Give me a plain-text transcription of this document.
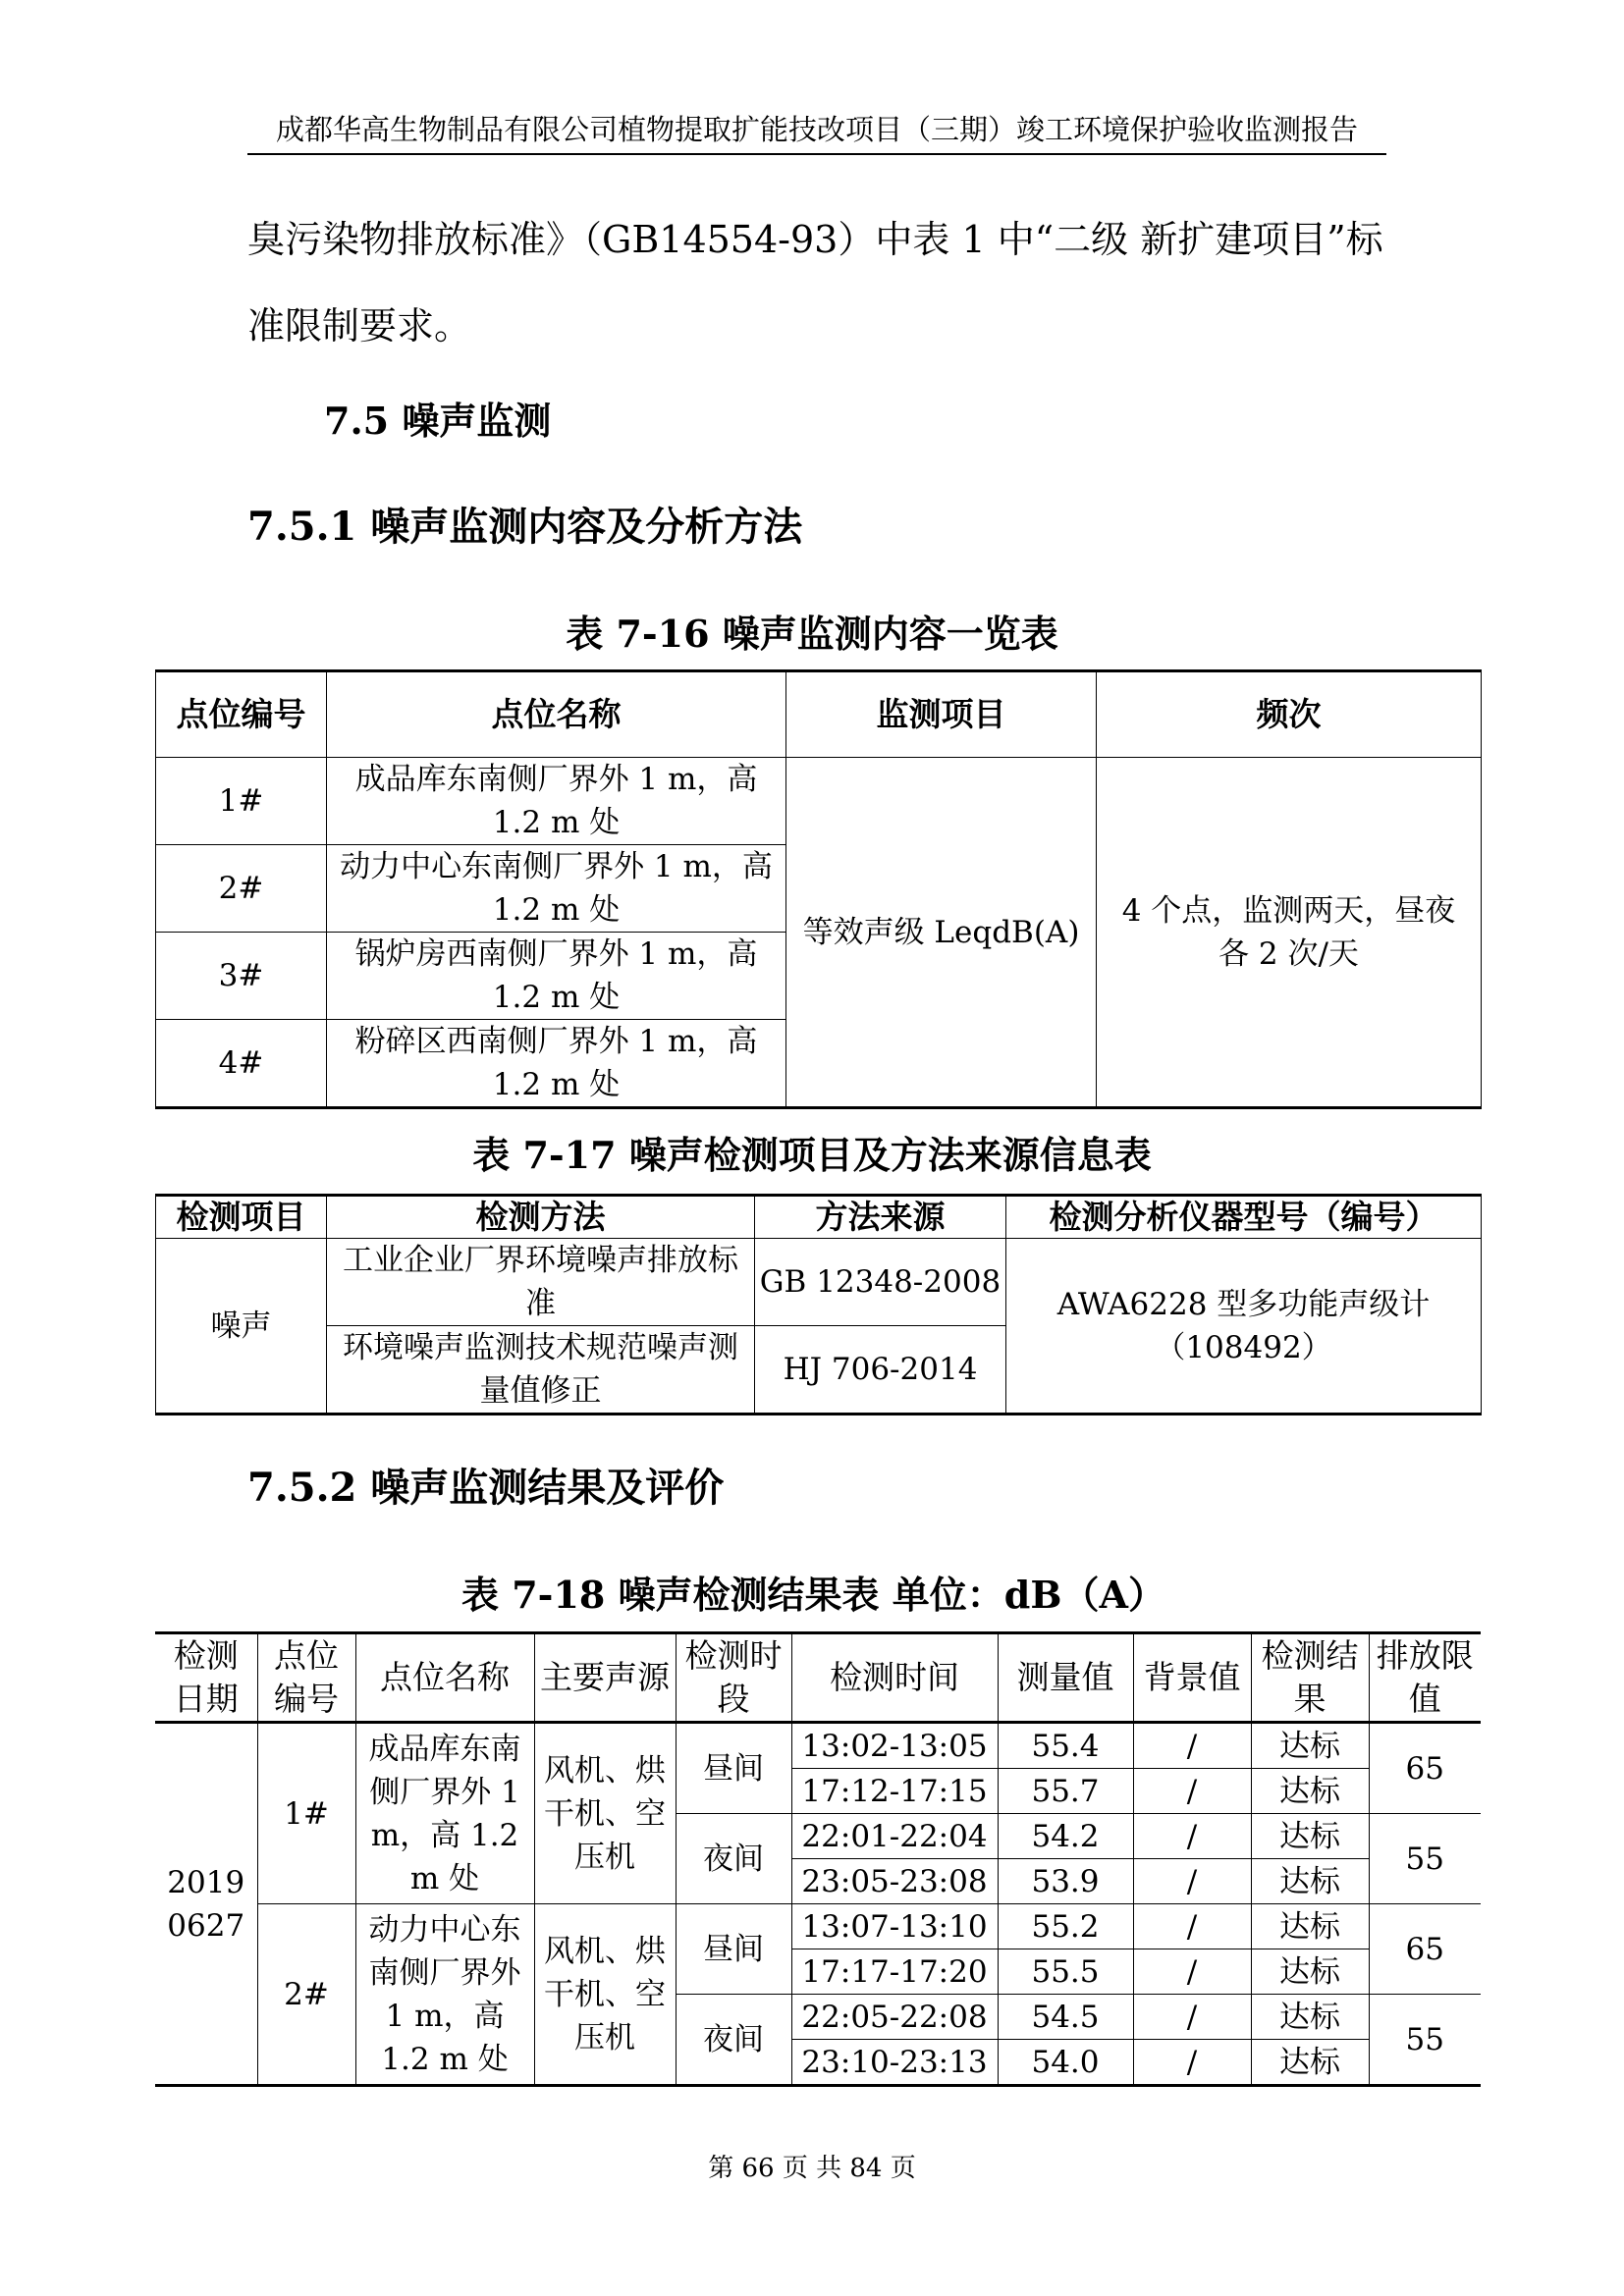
成都华高生物制品有限公司植物提取扩能技改项目（三期）竣工环境保护验收监测报告
臭污染物排放标准》（GB14554-93）中表 1 中“二级 新扩建项目”标
准限制要求。
7.5 噪声监测
7.5.1 噪声监测内容及分析方法
表 7-16 噪声监测内容一览表
点位编号	点位名称	监测项目	频次
1#	成品库东南侧厂界外 1 m，高 1.2 m 处	等效声级 LeqdB(A)	4 个点，监测两天，昼夜各 2 次/天
2#	动力中心东南侧厂界外 1 m，高 1.2 m 处		
3#	锅炉房西南侧厂界外 1 m，高 1.2 m 处		
4#	粉碎区西南侧厂界外 1 m，高 1.2 m 处		
表 7-17 噪声检测项目及方法来源信息表
检测项目	检测方法	方法来源	检测分析仪器型号（编号）
噪声	工业企业厂界环境噪声排放标准	GB 12348-2008	AWA6228 型多功能声级计（108492）
	环境噪声监测技术规范噪声测量值修正	HJ 706-2014	
7.5.2 噪声监测结果及评价
表 7-18 噪声检测结果表 单位：dB（A）
检测日期	点位编号	点位名称	主要声源	检测时段	检测时间	测量值	背景值	检测结果	排放限值
2019 0627	1#	成品库东南侧厂界外 1 m，高 1.2 m 处	风机、烘干机、空压机	昼间	13:02-13:05	55.4	/	达标	65
					17:12-17:15	55.7	/	达标	
				夜间	22:01-22:04	54.2	/	达标	55
					23:05-23:08	53.9	/	达标	
	2#	动力中心东南侧厂界外 1 m，高 1.2 m 处	风机、烘干机、空压机	昼间	13:07-13:10	55.2	/	达标	65
					17:17-17:20	55.5	/	达标	
				夜间	22:05-22:08	54.5	/	达标	55
					23:10-23:13	54.0	/	达标	
第 66 页 共 84 页
